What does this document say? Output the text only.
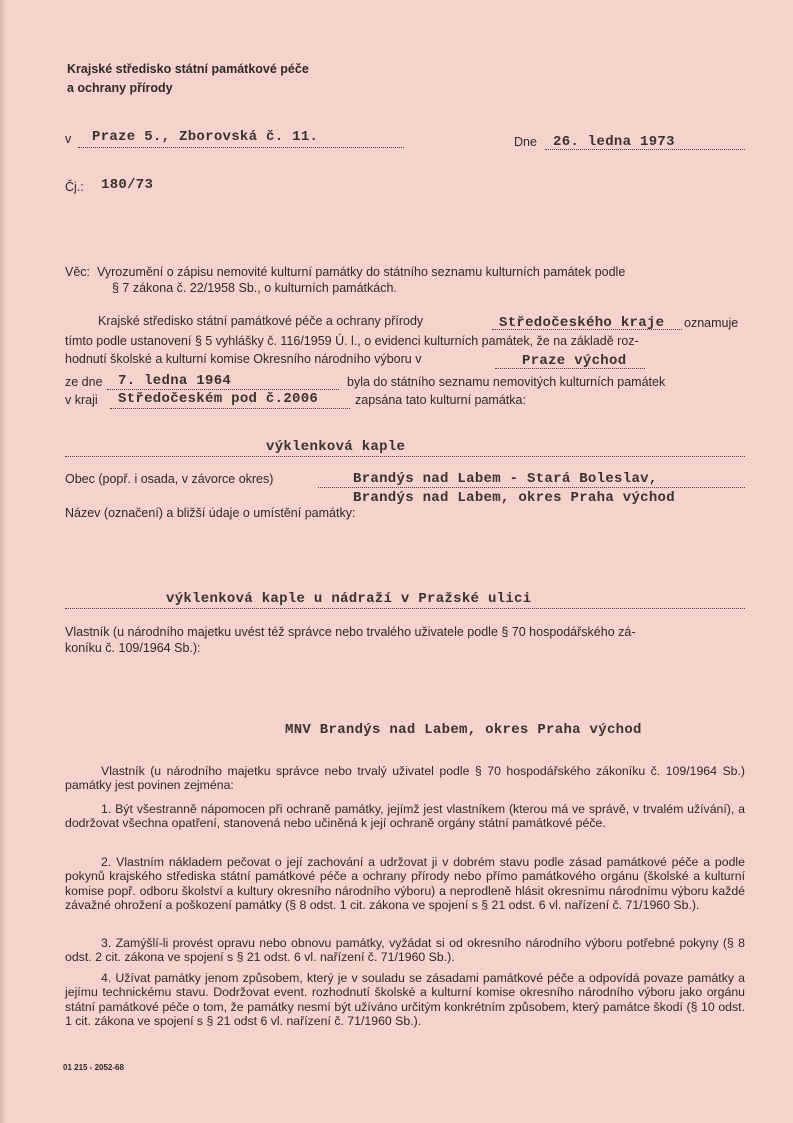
Krajské středisko státní památkové péče
a ochrany přírody
v Praze 5., Zborovská č. 11.	Dne 26. ledna 1973
Čj.: 180/73
Věc: Vyrozumění o zápisu nemovité kulturní památky do státního seznamu kulturních památek podle
§ 7 zákona č. 22/1958 Sb., o kulturních památkách.
Krajské středisko státní památkové péče a ochrany přírody	Středočeského kraje oznamuje
tímto podle ustanovení § 5 vyhlášky č. 116/1959 Ú. l., o evidenci kulturních památek, že na základě roz-
hodnutí školské a kulturní komise Okresního národního výboru v	Praze východ
ze dne 7. ledna 1964	byla do státního seznamu nemovitých kulturních památek
v kraji Středočeském pod č.2006	zapsána tato kulturní památka:
výklenková kaple
Obec (popř. i osada, v závorce okres)	Brandýs nad Labem - Stará Boleslav,
Brandýs nad Labem, okres Praha východ
Název (označení) a bližší údaje o umístění památky:
výklenková kaple u nádraží v Pražské ulici
Vlastník (u národního majetku uvést též správce nebo trvalého uživatele podle § 70 hospodářského zá-
koníku č. 109/1964 Sb.):
MNV Brandýs nad Labem, okres Praha východ
Vlastník (u národního majetku správce nebo trvalý uživatel podle § 70 hospodářského zákoníku č. 109/1964 Sb.) památky jest povinen zejména:
1. Být všestranně nápomocen při ochraně památky, jejímž jest vlastníkem (kterou má ve správě, v trvalém užívání), a dodržovat všechna opatření, stanovená nebo učiněná k její ochraně orgány státní památkové péče.
2. Vlastním nákladem pečovat o její zachování a udržovat ji v dobrém stavu podle zásad památkové péče a podle pokynů krajského střediska státní památkové péče a ochrany přírody nebo přímo památkového orgánu (školské a kulturní komise popř. odboru školství a kultury okresního národního výboru) a neprodleně hlásit okresnímu národnímu výboru každé závažné ohrožení a poškození památky (§ 8 odst. 1 cit. zákona ve spojení s § 21 odst. 6 vl. nařízení č. 71/1960 Sb.).
3. Zamýšlí-li provést opravu nebo obnovu památky, vyžádat si od okresního národního výboru potřebné pokyny (§ 8 odst. 2 cit. zákona ve spojení s § 21 odst. 6 vl. nařízení č. 71/1960 Sb.).
4. Užívat památky jenom způsobem, který je v souladu se zásadami památkové péče a odpovídá povaze památky a jejímu technickému stavu. Dodržovat event. rozhodnutí školské a kulturní komise okresního národního výboru jako orgánu státní památkové péče o tom, že památky nesmí být užíváno určitým konkrétním způsobem, který památce škodí (§ 10 odst. 1 cit. zákona ve spojení s § 21 odst 6 vl. nařízení č. 71/1960 Sb.).
01 215 - 2052-68
